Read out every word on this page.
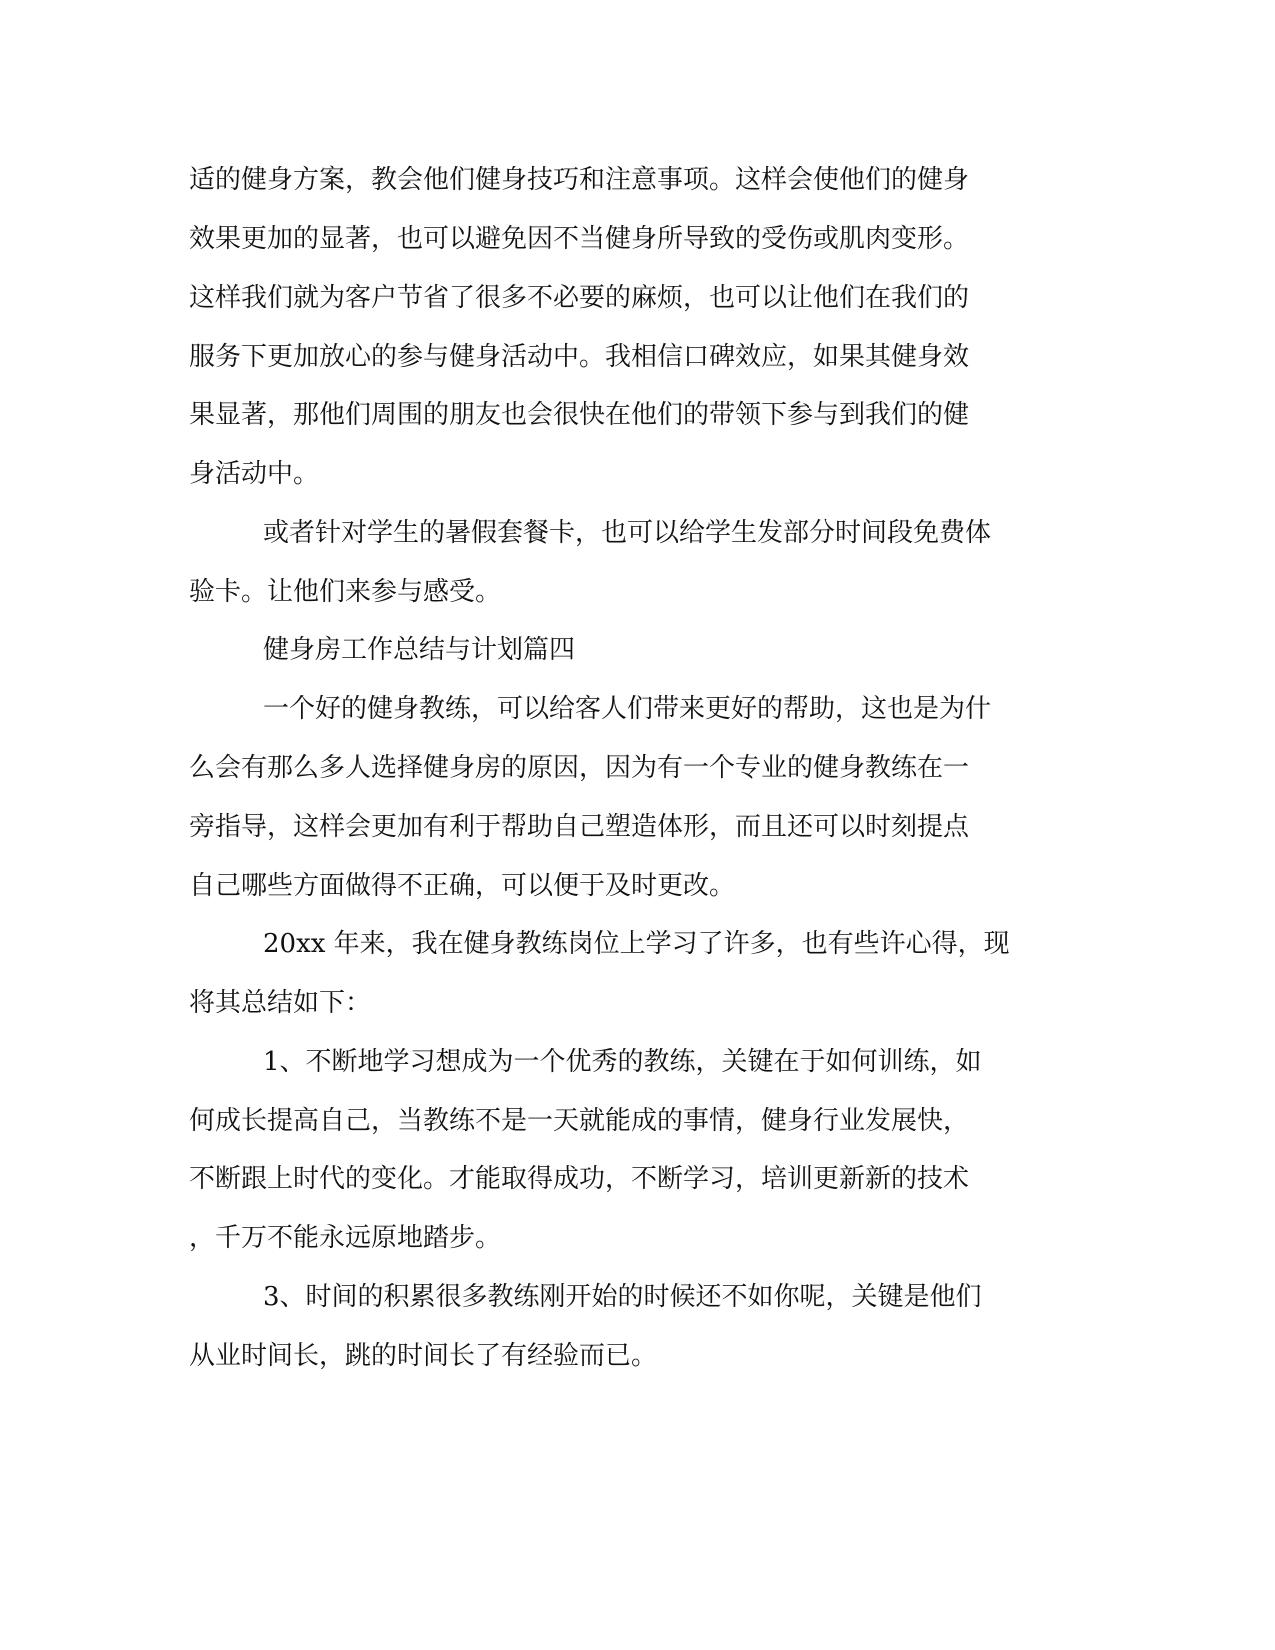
适的健身方案，教会他们健身技巧和注意事项。这样会使他们的健身
效果更加的显著，也可以避免因不当健身所导致的受伤或肌肉变形。
这样我们就为客户节省了很多不必要的麻烦，也可以让他们在我们的
服务下更加放心的参与健身活动中。我相信口碑效应，如果其健身效
果显著，那他们周围的朋友也会很快在他们的带领下参与到我们的健
身活动中。
或者针对学生的暑假套餐卡，也可以给学生发部分时间段免费体
验卡。让他们来参与感受。
健身房工作总结与计划篇四
一个好的健身教练，可以给客人们带来更好的帮助，这也是为什
么会有那么多人选择健身房的原因，因为有一个专业的健身教练在一
旁指导，这样会更加有利于帮助自己塑造体形，而且还可以时刻提点
自己哪些方面做得不正确，可以便于及时更改。
20xx 年来，我在健身教练岗位上学习了许多，也有些许心得，现
将其总结如下：
1、不断地学习想成为一个优秀的教练，关键在于如何训练，如
何成长提高自己，当教练不是一天就能成的事情，健身行业发展快，
不断跟上时代的变化。才能取得成功，不断学习，培训更新新的技术
，千万不能永远原地踏步。
3、时间的积累很多教练刚开始的时候还不如你呢，关键是他们
从业时间长，跳的时间长了有经验而已。
